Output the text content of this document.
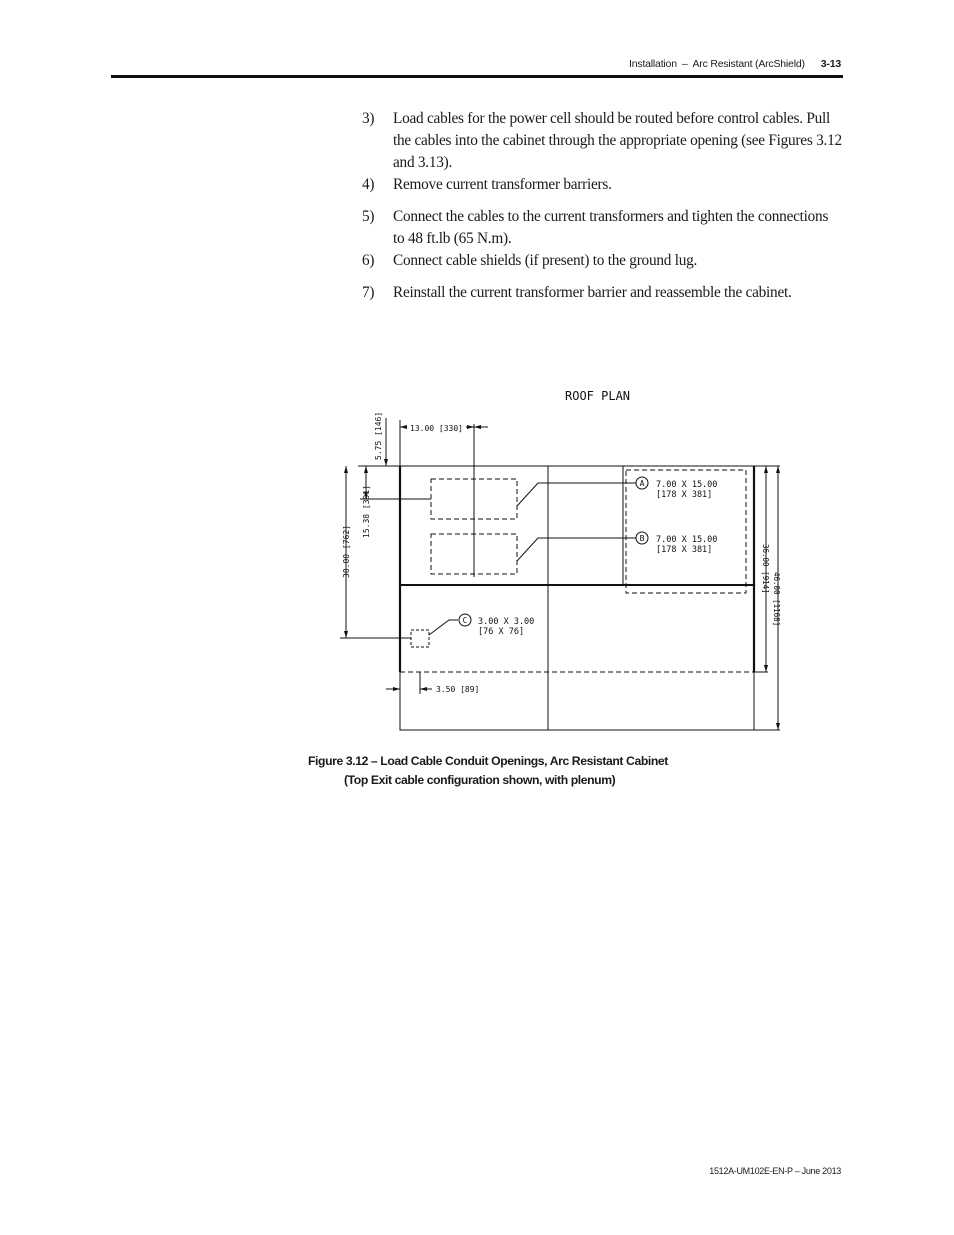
Installation – Arc Resistant (ArcShield) 3-13
3) Load cables for the power cell should be routed before control cables. Pull the cables into the cabinet through the appropriate opening (see Figures 3.12 and 3.13).
4) Remove current transformer barriers.
5) Connect the cables to the current transformers and tighten the connections to 48 ft.lb (65 N.m).
6) Connect cable shields (if present) to the ground lug.
7) Reinstall the current transformer barrier and reassemble the cabinet.
ROOF PLAN
13.00 [330]
5.75 [146]
15.38 [391]
30.00 [762]	36.00 [914]
46.00 [1168]
3.50 [89]
A
B
C
7.00 X 15.00
[178 X 381]
7.00 X 15.00
[178 X 381]
3.00 X 3.00
[76 X 76]
Figure 3.12 – Load Cable Conduit Openings, Arc Resistant Cabinet
(Top Exit cable configuration shown, with plenum)
1512A-UM102E-EN-P – June 2013
